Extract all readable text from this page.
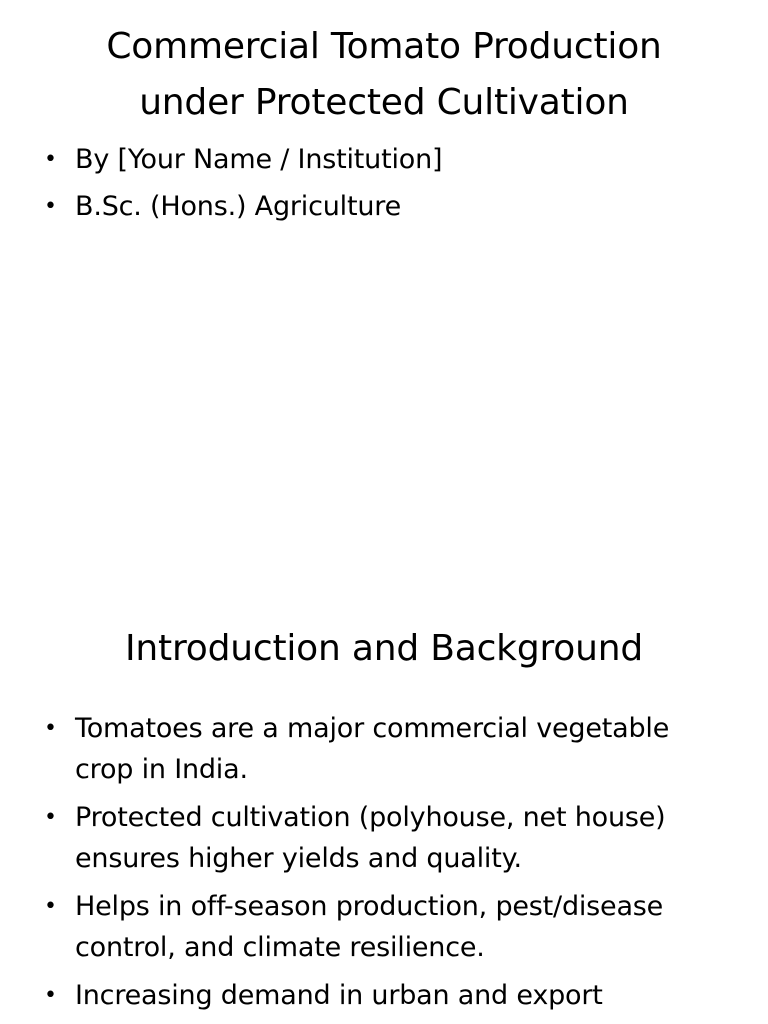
Commercial Tomato Production
under Protected Cultivation
• By [Your Name / Institution]
• B.Sc. (Hons.) Agriculture
Introduction and Background
• Tomatoes are a major commercial vegetable crop in India.
• Protected cultivation (polyhouse, net house) ensures higher yields and quality.
• Helps in off-season production, pest/disease control, and climate resilience.
• Increasing demand in urban and export
